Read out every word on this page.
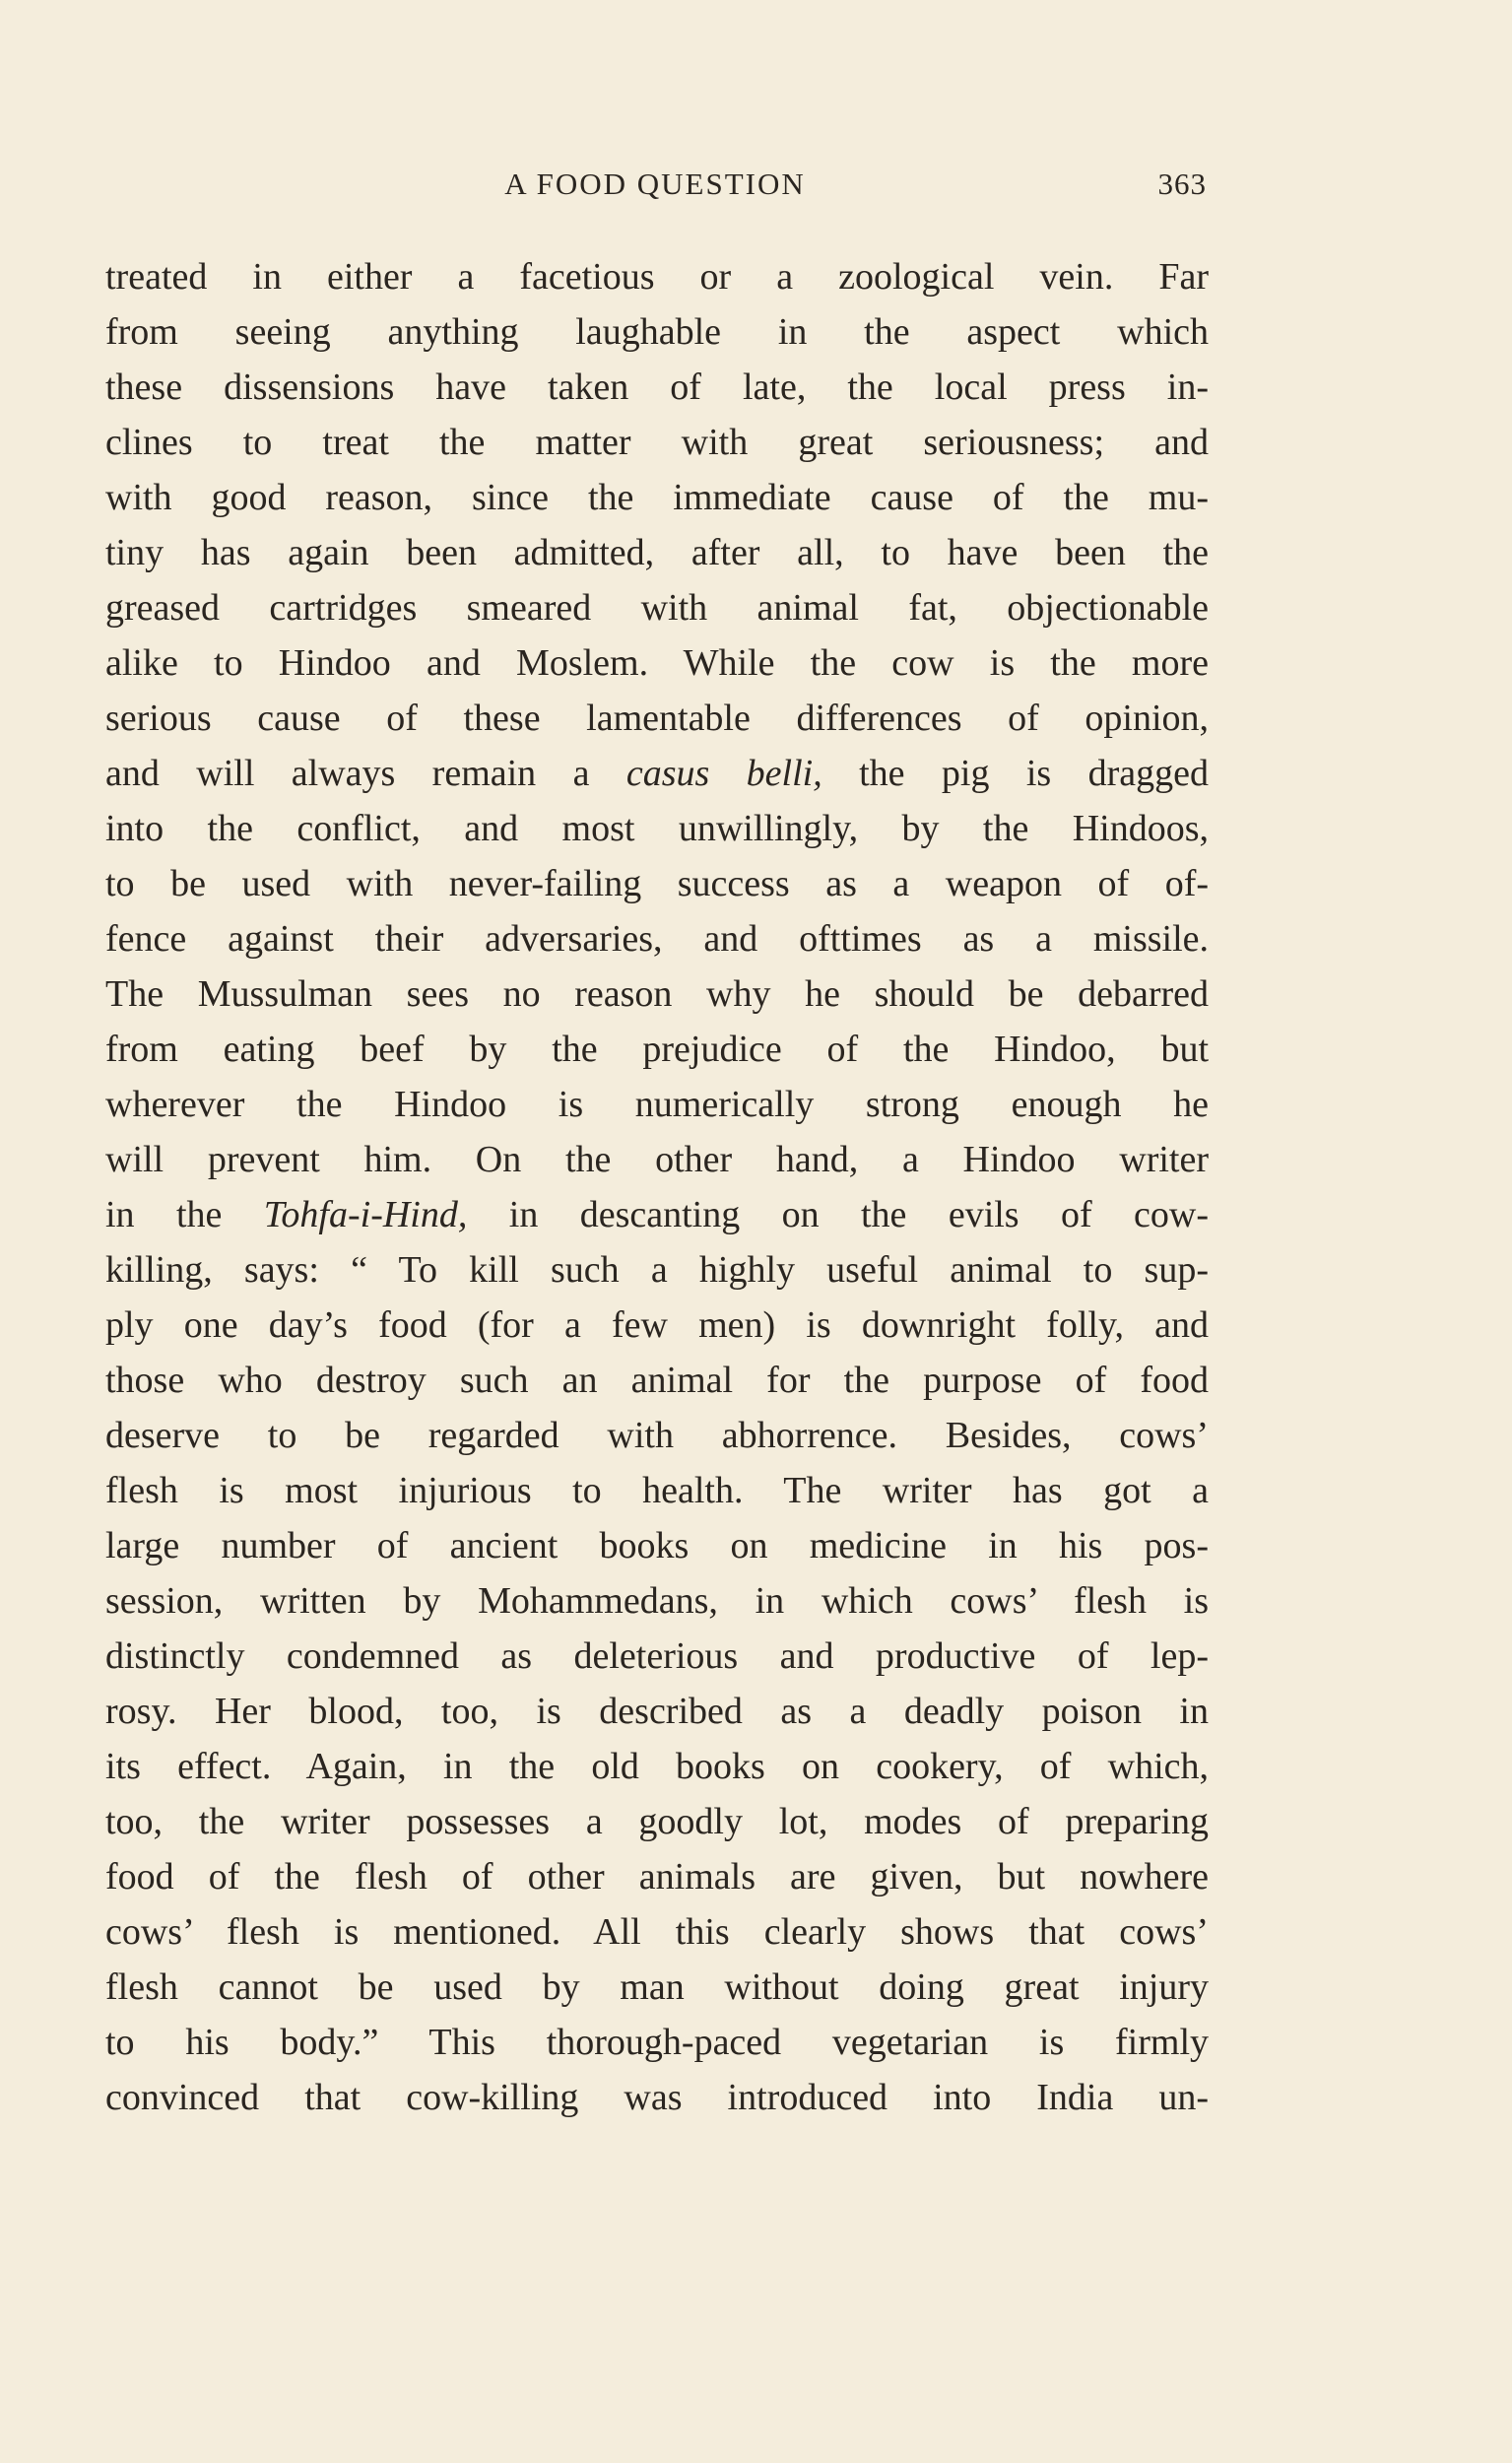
A FOOD QUESTION	363
treated in either a facetious or a zoological vein. Far
from seeing anything laughable in the aspect which
these dissensions have taken of late, the local press in-
clines to treat the matter with great seriousness; and
with good reason, since the immediate cause of the mu-
tiny has again been admitted, after all, to have been the
greased cartridges smeared with animal fat, objectionable
alike to Hindoo and Moslem. While the cow is the more
serious cause of these lamentable differences of opinion,
and will always remain a casus belli, the pig is dragged
into the conflict, and most unwillingly, by the Hindoos,
to be used with never-failing success as a weapon of of-
fence against their adversaries, and ofttimes as a missile.
The Mussulman sees no reason why he should be debarred
from eating beef by the prejudice of the Hindoo, but
wherever the Hindoo is numerically strong enough he
will prevent him. On the other hand, a Hindoo writer
in the Tohfa-i-Hind, in descanting on the evils of cow-
killing, says: “ To kill such a highly useful animal to sup-
ply one day’s food (for a few men) is downright folly, and
those who destroy such an animal for the purpose of food
deserve to be regarded with abhorrence. Besides, cows’
flesh is most injurious to health. The writer has got a
large number of ancient books on medicine in his pos-
session, written by Mohammedans, in which cows’ flesh is
distinctly condemned as deleterious and productive of lep-
rosy. Her blood, too, is described as a deadly poison in
its effect. Again, in the old books on cookery, of which,
too, the writer possesses a goodly lot, modes of preparing
food of the flesh of other animals are given, but nowhere
cows’ flesh is mentioned. All this clearly shows that cows’
flesh cannot be used by man without doing great injury
to his body.” This thorough-paced vegetarian is firmly
convinced that cow-killing was introduced into India un-
